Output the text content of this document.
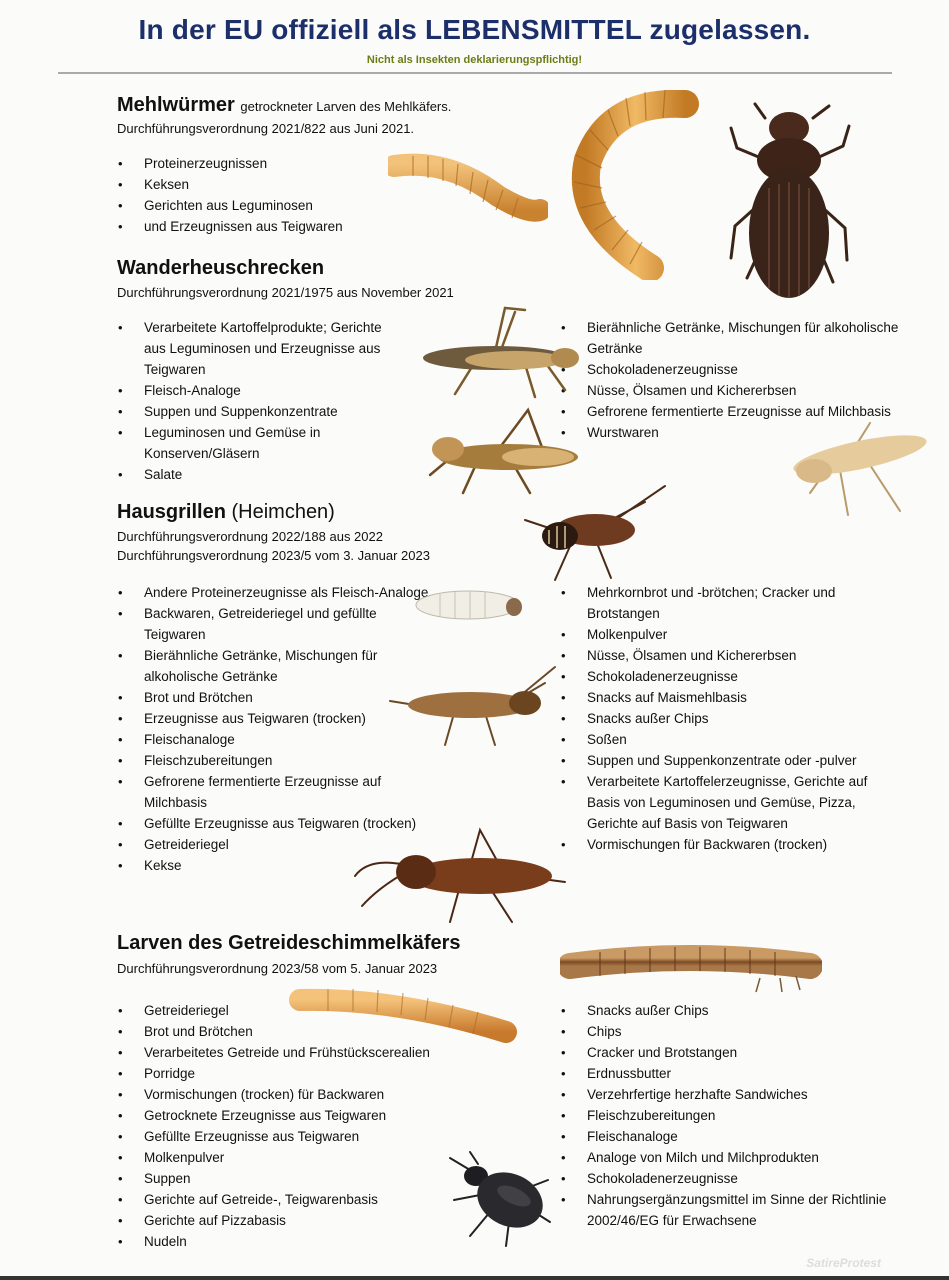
In der EU offiziell als LEBENSMITTEL zugelassen.
Nicht als Insekten deklarierungspflichtig!
Mehlwürmer getrockneter Larven des Mehlkäfers.
Durchführungsverordnung 2021/822 aus Juni 2021.
• Proteinerzeugnissen
• Keksen
• Gerichten aus Leguminosen
• und Erzeugnissen aus Teigwaren
Wanderheuschrecken
Durchführungsverordnung 2021/1975 aus November 2021
• Verarbeitete Kartoffelprodukte; Gerichte aus Leguminosen und Erzeugnisse aus Teigwaren
• Fleisch-Analoge
• Suppen und Suppenkonzentrate
• Leguminosen und Gemüse in Konserven/Gläsern
• Salate
• Bierähnliche Getränke, Mischungen für alkoholische Getränke
• Schokoladenerzeugnisse
• Nüsse, Ölsamen und Kichererbsen
• Gefrorene fermentierte Erzeugnisse auf Milchbasis
• Wurstwaren
Hausgrillen (Heimchen)
Durchführungsverordnung 2022/188 aus 2022
Durchführungsverordnung 2023/5 vom 3. Januar 2023
• Andere Proteinerzeugnisse als Fleisch-Analoge
• Backwaren, Getreideriegel und gefüllte Teigwaren
• Bierähnliche Getränke, Mischungen für alkoholische Getränke
• Brot und Brötchen
• Erzeugnisse aus Teigwaren (trocken)
• Fleischanaloge
• Fleischzubereitungen
• Gefrorene fermentierte Erzeugnisse auf Milchbasis
• Gefüllte Erzeugnisse aus Teigwaren (trocken)
• Getreideriegel
• Kekse
• Mehrkornbrot und -brötchen; Cracker und Brotstangen
• Molkenpulver
• Nüsse, Ölsamen und Kichererbsen
• Schokoladenerzeugnisse
• Snacks auf Maismehlbasis
• Snacks außer Chips
• Soßen
• Suppen und Suppenkonzentrate oder -pulver
• Verarbeitete Kartoffelerzeugnisse, Gerichte auf Basis von Leguminosen und Gemüse, Pizza, Gerichte auf Basis von Teigwaren
• Vormischungen für Backwaren (trocken)
Larven des Getreideschimmelkäfers
Durchführungsverordnung 2023/58 vom 5. Januar 2023
• Getreideriegel
• Brot und Brötchen
• Verarbeitetes Getreide und Frühstückscerealien
• Porridge
• Vormischungen (trocken) für Backwaren
• Getrocknete Erzeugnisse aus Teigwaren
• Gefüllte Erzeugnisse aus Teigwaren
• Molkenpulver
• Suppen
• Gerichte auf Getreide-, Teigwarenbasis
• Gerichte auf Pizzabasis
• Nudeln
• Snacks außer Chips
• Chips
• Cracker und Brotstangen
• Erdnussbutter
• Verzehrfertige herzhafte Sandwiches
• Fleischzubereitungen
• Fleischanaloge
• Analoge von Milch und Milchprodukten
• Schokoladenerzeugnisse
• Nahrungsergänzungsmittel im Sinne der Richtlinie 2002/46/EG für Erwachsene
SatireProtest
